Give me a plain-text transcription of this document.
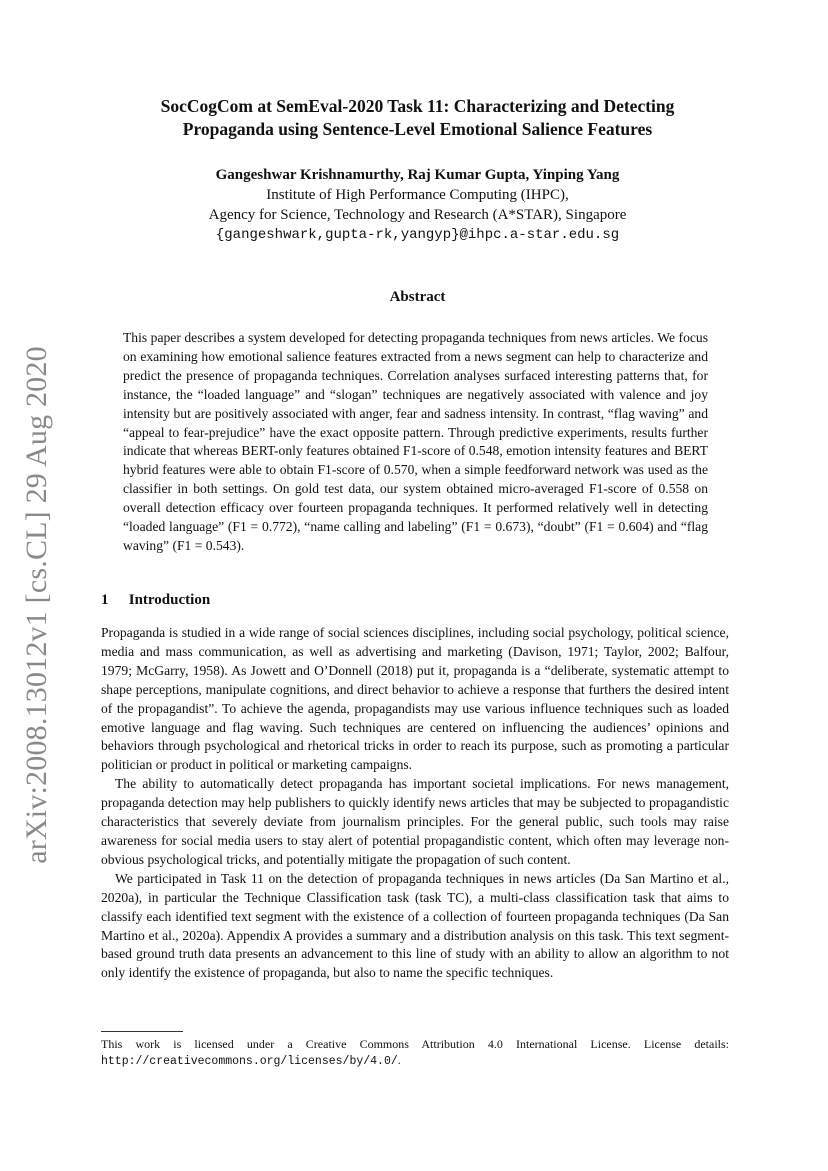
arXiv:2008.13012v1 [cs.CL] 29 Aug 2020
SocCogCom at SemEval-2020 Task 11: Characterizing and Detecting
Propaganda using Sentence-Level Emotional Salience Features
Gangeshwar Krishnamurthy, Raj Kumar Gupta, Yinping Yang
Institute of High Performance Computing (IHPC),
Agency for Science, Technology and Research (A*STAR), Singapore
{gangeshwark,gupta-rk,yangyp}@ihpc.a-star.edu.sg
Abstract

This paper describes a system developed for detecting propaganda techniques from news articles. We focus on examining how emotional salience features extracted from a news segment can help to characterize and predict the presence of propaganda techniques. Correlation analyses surfaced interesting patterns that, for instance, the “loaded language” and “slogan” techniques are negatively associated with valence and joy intensity but are positively associated with anger, fear and sadness intensity. In contrast, “flag waving” and “appeal to fear-prejudice” have the exact opposite pattern. Through predictive experiments, results further indicate that whereas BERT-only features obtained F1-score of 0.548, emotion intensity features and BERT hybrid features were able to obtain F1-score of 0.570, when a simple feedforward network was used as the classifier in both settings. On gold test data, our system obtained micro-averaged F1-score of 0.558 on overall detection efficacy over fourteen propaganda techniques. It performed relatively well in detecting “loaded language” (F1 = 0.772), “name calling and labeling” (F1 = 0.673), “doubt” (F1 = 0.604) and “flag waving” (F1 = 0.543).

1 Introduction

Propaganda is studied in a wide range of social sciences disciplines, including social psychology, political science, media and mass communication, as well as advertising and marketing (Davison, 1971; Taylor, 2002; Balfour, 1979; McGarry, 1958). As Jowett and O’Donnell (2018) put it, propaganda is a “deliberate, systematic attempt to shape perceptions, manipulate cognitions, and direct behavior to achieve a response that furthers the desired intent of the propagandist”. To achieve the agenda, propagandists may use various influence techniques such as loaded emotive language and flag waving. Such techniques are centered on influencing the audiences’ opinions and behaviors through psychological and rhetorical tricks in order to reach its purpose, such as promoting a particular politician or product in political or marketing campaigns.

The ability to automatically detect propaganda has important societal implications. For news management, propaganda detection may help publishers to quickly identify news articles that may be subjected to propagandistic characteristics that severely deviate from journalism principles. For the general public, such tools may raise awareness for social media users to stay alert of potential propagandistic content, which often may leverage non-obvious psychological tricks, and potentially mitigate the propagation of such content.

We participated in Task 11 on the detection of propaganda techniques in news articles (Da San Martino et al., 2020a), in particular the Technique Classification task (task TC), a multi-class classification task that aims to classify each identified text segment with the existence of a collection of fourteen propaganda techniques (Da San Martino et al., 2020a). Appendix A provides a summary and a distribution analysis on this task. This text segment-based ground truth data presents an advancement to this line of study with an ability to allow an algorithm to not only identify the existence of propaganda, but also to name the specific techniques.

This work is licensed under a Creative Commons Attribution 4.0 International License. License details: http://creativecommons.org/licenses/by/4.0/.
